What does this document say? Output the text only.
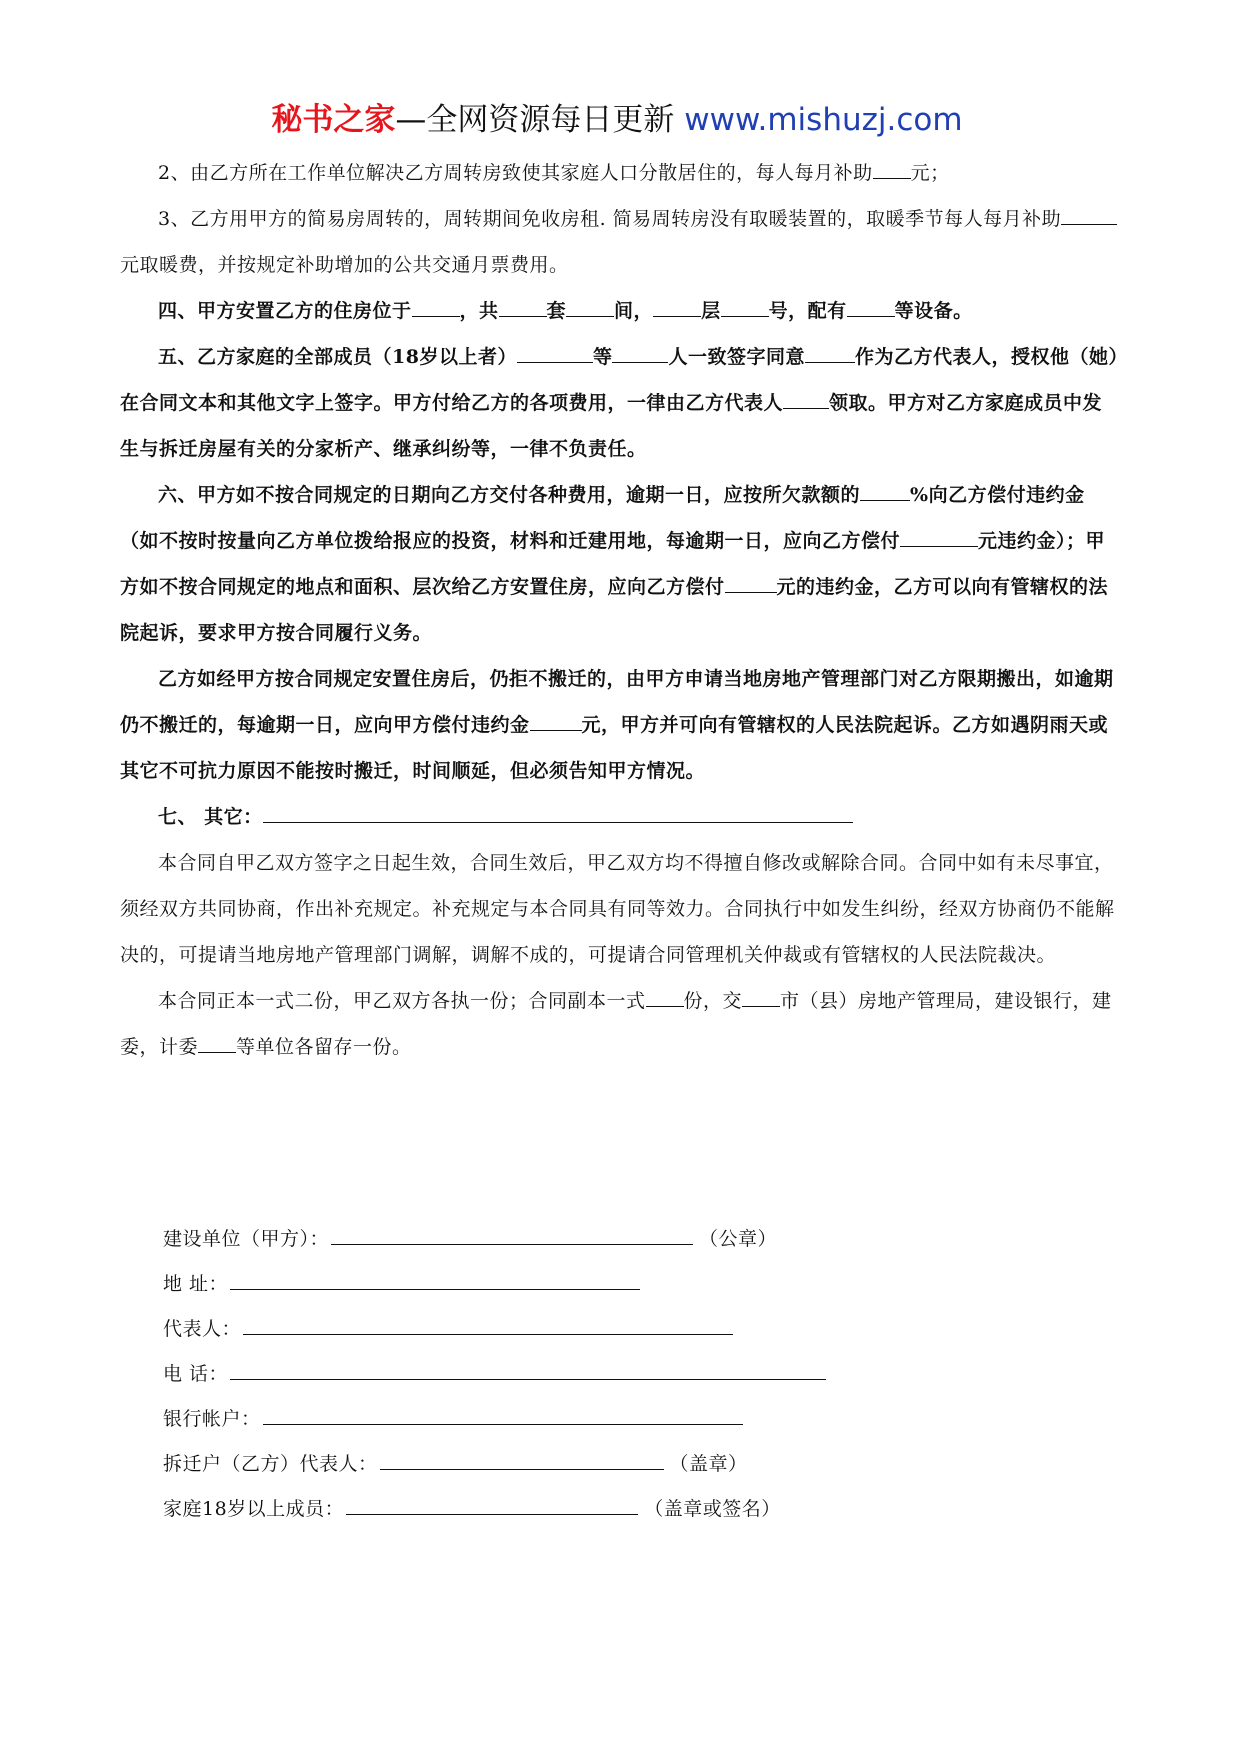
秘书之家—全网资源每日更新 www.mishuzj.com

2、由乙方所在工作单位解决乙方周转房致使其家庭人口分散居住的，每人每月补助 元；

3、乙方用甲方的简易房周转的，周转期间免收房租. 简易周转房没有取暖装置的，取暖季节每人每月补助元取暖费，并按规定补助增加的公共交通月票费用。

四、甲方安置乙方的住房位于	，共	套	间，	层	号，配有	等设备。

五、乙方家庭的全部成员（18岁以上者）	等	人一致签字同意	作为乙方代表人，授权他（她）在合同文本和其他文字上签字。甲方付给乙方的各项费用，一律由乙方代表人 领取。甲方对乙方家庭成员中发生与拆迁房屋有关的分家析产、继承纠纷等，一律不负责任。

六、甲方如不按合同规定的日期向乙方交付各种费用，逾期一日，应按所欠款额的	%向乙方偿付违约金（如不按时按量向乙方单位拨给报应的投资，材料和迁建用地，每逾期一日，应向乙方偿付	元违约金）；甲方如不按合同规定的地点和面积、层次给乙方安置住房，应向乙方偿付	元的违约金，乙方可以向有管辖权的法院起诉，要求甲方按合同履行义务。

乙方如经甲方按合同规定安置住房后，仍拒不搬迁的，由甲方申请当地房地产管理部门对乙方限期搬出，如逾期仍不搬迁的，每逾期一日，应向甲方偿付违约金	元，甲方并可向有管辖权的人民法院起诉。乙方如遇阴雨天或其它不可抗力原因不能按时搬迁，时间顺延，但必须告知甲方情况。

七、 其它：

本合同自甲乙双方签字之日起生效，合同生效后，甲乙双方均不得擅自修改或解除合同。合同中如有未尽事宜，须经双方共同协商，作出补充规定。补充规定与本合同具有同等效力。合同执行中如发生纠纷，经双方协商仍不能解决的，可提请当地房地产管理部门调解，调解不成的，可提请合同管理机关仲裁或有管辖权的人民法院裁决。

本合同正本一式二份，甲乙双方各执一份；合同副本一式 份，交 市（县）房地产管理局，建设银行，建委，计委 等单位各留存一份。

建设单位（甲方）：	（公章）
地 址：
代表人：
电 话：
银行帐户：
拆迁户（乙方）代表人：	（盖章）
家庭18岁以上成员：	（盖章或签名）
